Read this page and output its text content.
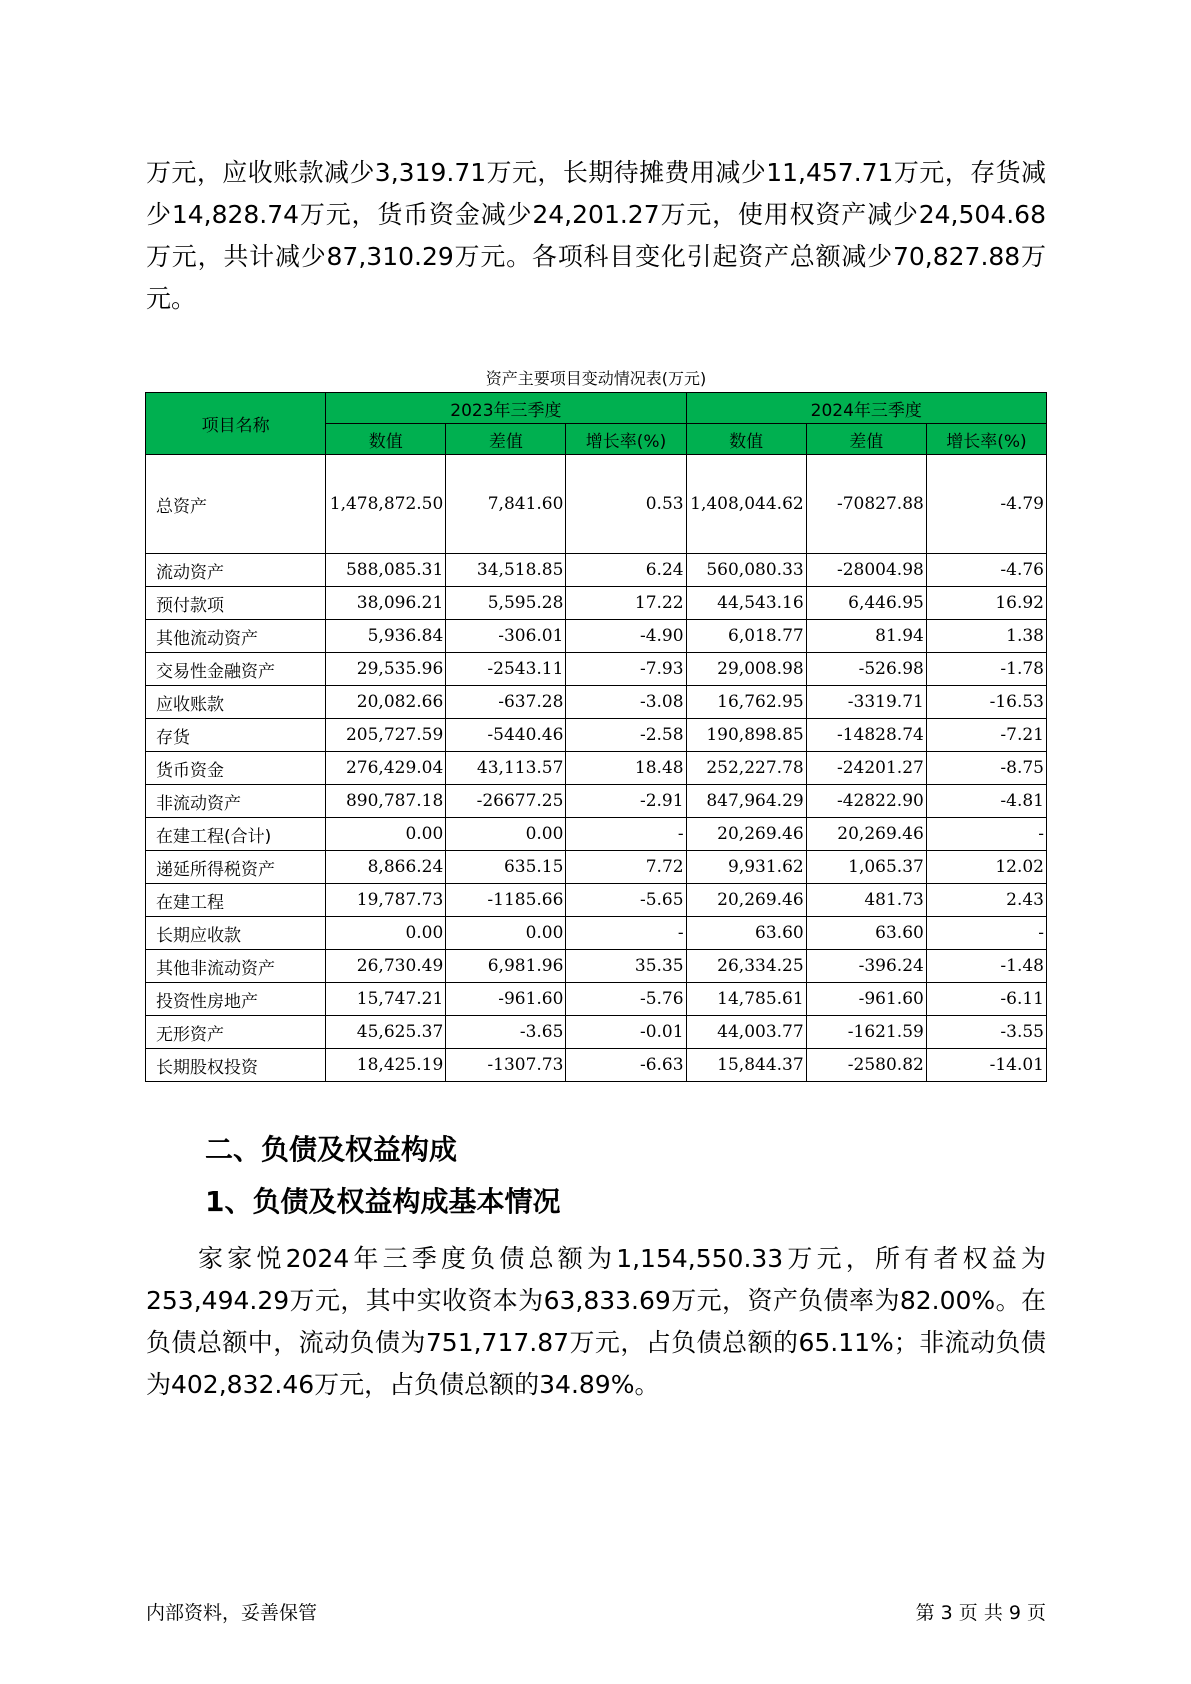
万元，应收账款减少3,319.71万元，长期待摊费用减少11,457.71万元，存货减少14,828.74万元，货币资金减少24,201.27万元，使用权资产减少24,504.68万元，共计减少87,310.29万元。各项科目变化引起资产总额减少70,827.88万元。

资产主要项目变动情况表(万元)
项目名称	2023年三季度			2024年三季度		
	数值	差值	增长率(%)	数值	差值	增长率(%)
总资产	1,478,872.50	7,841.60	0.53	1,408,044.62	-70827.88	-4.79
流动资产	588,085.31	34,518.85	6.24	560,080.33	-28004.98	-4.76
预付款项	38,096.21	5,595.28	17.22	44,543.16	6,446.95	16.92
其他流动资产	5,936.84	-306.01	-4.90	6,018.77	81.94	1.38
交易性金融资产	29,535.96	-2543.11	-7.93	29,008.98	-526.98	-1.78
应收账款	20,082.66	-637.28	-3.08	16,762.95	-3319.71	-16.53
存货	205,727.59	-5440.46	-2.58	190,898.85	-14828.74	-7.21
货币资金	276,429.04	43,113.57	18.48	252,227.78	-24201.27	-8.75
非流动资产	890,787.18	-26677.25	-2.91	847,964.29	-42822.90	-4.81
在建工程(合计)	0.00	0.00	-	20,269.46	20,269.46	-
递延所得税资产	8,866.24	635.15	7.72	9,931.62	1,065.37	12.02
在建工程	19,787.73	-1185.66	-5.65	20,269.46	481.73	2.43
长期应收款	0.00	0.00	-	63.60	63.60	-
其他非流动资产	26,730.49	6,981.96	35.35	26,334.25	-396.24	-1.48
投资性房地产	15,747.21	-961.60	-5.76	14,785.61	-961.60	-6.11
无形资产	45,625.37	-3.65	-0.01	44,003.77	-1621.59	-3.55
长期股权投资	18,425.19	-1307.73	-6.63	15,844.37	-2580.82	-14.01
二、负债及权益构成
1、负债及权益构成基本情况

家家悦2024年三季度负债总额为1,154,550.33万元，所有者权益为253,494.29万元，其中实收资本为63,833.69万元，资产负债率为82.00%。在负债总额中，流动负债为751,717.87万元，占负债总额的65.11%；非流动负债为402,832.46万元，占负债总额的34.89%。

内部资料，妥善保管	第 3 页 共 9 页
